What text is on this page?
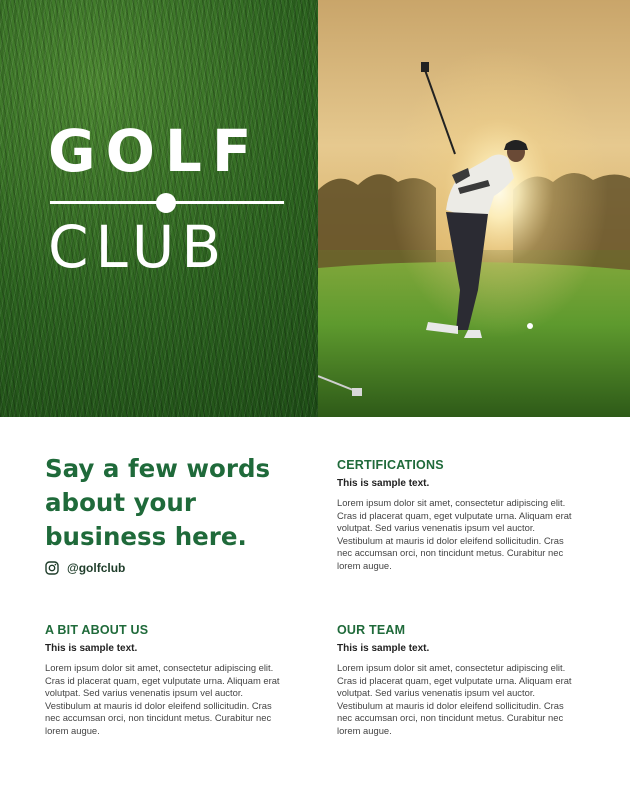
GOLF
CLUB
Say a few words about your business here.
@golfclub
CERTIFICATIONS
This is sample text.
Lorem ipsum dolor sit amet, consectetur adipiscing elit. Cras id placerat quam, eget vulputate urna. Aliquam erat volutpat. Sed varius venenatis ipsum vel auctor. Vestibulum at mauris id dolor eleifend sollicitudin. Cras nec accumsan orci, non tincidunt metus. Curabitur nec lorem augue.
A BIT ABOUT US
This is sample text.
Lorem ipsum dolor sit amet, consectetur adipiscing elit. Cras id placerat quam, eget vulputate urna. Aliquam erat volutpat. Sed varius venenatis ipsum vel auctor. Vestibulum at mauris id dolor eleifend sollicitudin. Cras nec accumsan orci, non tincidunt metus. Curabitur nec lorem augue.
OUR TEAM
This is sample text.
Lorem ipsum dolor sit amet, consectetur adipiscing elit. Cras id placerat quam, eget vulputate urna. Aliquam erat volutpat. Sed varius venenatis ipsum vel auctor. Vestibulum at mauris id dolor eleifend sollicitudin. Cras nec accumsan orci, non tincidunt metus. Curabitur nec lorem augue.
